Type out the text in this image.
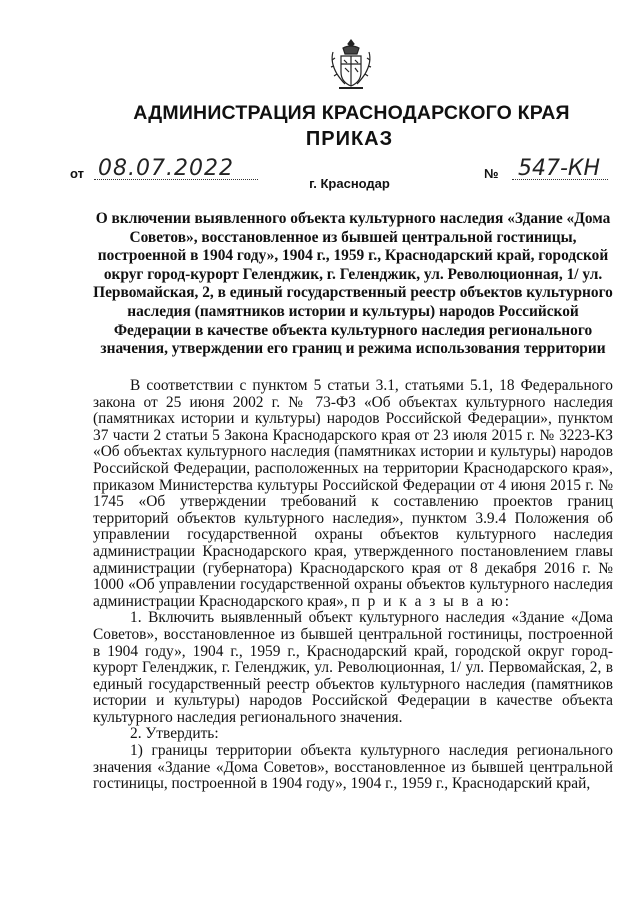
АДМИНИСТРАЦИЯ КРАСНОДАРСКОГО КРАЯ
ПРИКАЗ
от 08.07.2022	№ 547-КН
г. Краснодар
О включении выявленного объекта культурного наследия «Здание «Дома Советов», восстановленное из бывшей центральной гостиницы, построенной в 1904 году», 1904 г., 1959 г., Краснодарский край, городской округ город-курорт Геленджик, г. Геленджик, ул. Революционная, 1/ ул. Первомайская, 2, в единый государственный реестр объектов культурного наследия (памятников истории и культуры) народов Российской Федерации в качестве объекта культурного наследия регионального значения, утверждении его границ и режима использования территории

В соответствии с пунктом 5 статьи 3.1, статьями 5.1, 18 Федерального закона от 25 июня 2002 г. № 73-ФЗ «Об объектах культурного наследия (памятниках истории и культуры) народов Российской Федерации», пунктом 37 части 2 статьи 5 Закона Краснодарского края от 23 июля 2015 г. № 3223-КЗ «Об объектах культурного наследия (памятниках истории и культуры) народов Российской Федерации, расположенных на территории Краснодарского края», приказом Министерства культуры Российской Федерации от 4 июня 2015 г. № 1745 «Об утверждении требований к составлению проектов границ территорий объектов культурного наследия», пунктом 3.9.4 Положения об управлении государственной охраны объектов культурного наследия администрации Краснодарского края, утвержденного постановлением главы администрации (губернатора) Краснодарского края от 8 декабря 2016 г. № 1000 «Об управлении государственной охраны объектов культурного наследия администрации Краснодарского края», п р и к а з ы в а ю:

1. Включить выявленный объект культурного наследия «Здание «Дома Советов», восстановленное из бывшей центральной гостиницы, построенной в 1904 году», 1904 г., 1959 г., Краснодарский край, городской округ город-курорт Геленджик, г. Геленджик, ул. Революционная, 1/ ул. Первомайская, 2, в единый государственный реестр объектов культурного наследия (памятников истории и культуры) народов Российской Федерации в качестве объекта культурного наследия регионального значения.

2. Утвердить:

1) границы территории объекта культурного наследия регионального значения «Здание «Дома Советов», восстановленное из бывшей центральной гостиницы, построенной в 1904 году», 1904 г., 1959 г., Краснодарский край,
